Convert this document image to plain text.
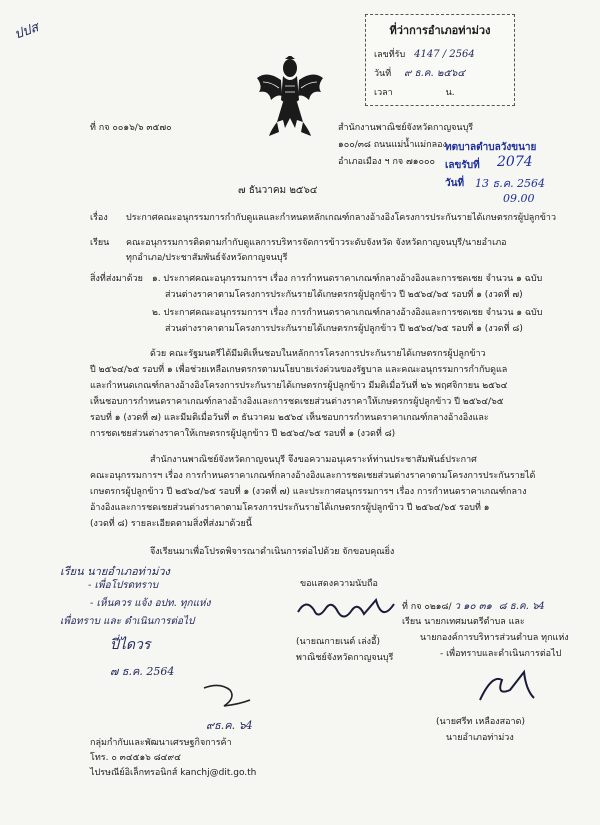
ปปส	ที่ว่าการอำเภอท่าม่วง
เลขที่รับ 4147 / 2564
วันที่ ๙ ธ.ค. ๒๕๖๔
เวลา	น.
ที่ กจ ๐๐๑๖/๖ ๓๕๗๐	สำนักงานพาณิชย์จังหวัดกาญจนบุรี
๑๐๐/๓๘ ถนนแม่น้ำแม่กลอง
อำเภอเมือง ฯ กจ ๗๑๐๐๐
ทตบาลตำบลวังขนาย
เลขรับที่ 2074
วันที่ 13 ธ.ค. 2564
09.00
๗ ธันวาคม ๒๕๖๔
เรื่อง ประกาศคณะอนุกรรมการกำกับดูแลและกำหนดหลักเกณฑ์กลางอ้างอิงโครงการประกันรายได้เกษตรกรผู้ปลูกข้าว
เรียน คณะอนุกรรมการติดตามกำกับดูแลการบริหารจัดการข้าวระดับจังหวัด จังหวัดกาญจนบุรี/นายอำเภอ
ทุกอำเภอ/ประชาสัมพันธ์จังหวัดกาญจนบุรี
สิ่งที่ส่งมาด้วย ๑. ประกาศคณะอนุกรรมการฯ เรื่อง การกำหนดราคาเกณฑ์กลางอ้างอิงและการชดเชย จำนวน ๑ ฉบับ
ส่วนต่างราคาตามโครงการประกันรายได้เกษตรกรผู้ปลูกข้าว ปี ๒๕๖๔/๖๕ รอบที่ ๑ (งวดที่ ๗)
๒. ประกาศคณะอนุกรรมการฯ เรื่อง การกำหนดราคาเกณฑ์กลางอ้างอิงและการชดเชย จำนวน ๑ ฉบับ
ส่วนต่างราคาตามโครงการประกันรายได้เกษตรกรผู้ปลูกข้าว ปี ๒๕๖๔/๖๕ รอบที่ ๑ (งวดที่ ๘)
ด้วย คณะรัฐมนตรีได้มีมติเห็นชอบในหลักการโครงการประกันรายได้เกษตรกรผู้ปลูกข้าว
ปี ๒๕๖๔/๖๕ รอบที่ ๑ เพื่อช่วยเหลือเกษตรกรตามนโยบายเร่งด่วนของรัฐบาล และคณะอนุกรรมการกำกับดูแล
และกำหนดเกณฑ์กลางอ้างอิงโครงการประกันรายได้เกษตรกรผู้ปลูกข้าว มีมติเมื่อวันที่ ๒๖ พฤศจิกายน ๒๕๖๔
เห็นชอบการกำหนดราคาเกณฑ์กลางอ้างอิงและการชดเชยส่วนต่างราคาให้เกษตรกรผู้ปลูกข้าว ปี ๒๕๖๔/๖๕
รอบที่ ๑ (งวดที่ ๗) และมีมติเมื่อวันที่ ๓ ธันวาคม ๒๕๖๔ เห็นชอบการกำหนดราคาเกณฑ์กลางอ้างอิงและ
การชดเชยส่วนต่างราคาให้เกษตรกรผู้ปลูกข้าว ปี ๒๕๖๔/๖๕ รอบที่ ๑ (งวดที่ ๘)
สำนักงานพาณิชย์จังหวัดกาญจนบุรี จึงขอความอนุเคราะห์ท่านประชาสัมพันธ์ประกาศ
คณะอนุกรรมการฯ เรื่อง การกำหนดราคาเกณฑ์กลางอ้างอิงและการชดเชยส่วนต่างราคาตามโครงการประกันรายได้
เกษตรกรผู้ปลูกข้าว ปี ๒๕๖๔/๖๕ รอบที่ ๑ (งวดที่ ๗) และประกาศอนุกรรมการฯ เรื่อง การกำหนดราคาเกณฑ์กลาง
อ้างอิงและการชดเชยส่วนต่างราคาตามโครงการประกันรายได้เกษตรกรผู้ปลูกข้าว ปี ๒๕๖๔/๖๕ รอบที่ ๑
(งวดที่ ๘) รายละเอียดตามสิ่งที่ส่งมาด้วยนี้
จึงเรียนมาเพื่อโปรดพิจารณาดำเนินการต่อไปด้วย จักขอบคุณยิ่ง
เรียน นายอำเภอท่าม่วง
- เพื่อโปรดทราบ
- เห็นควร แจ้ง อปท. ทุกแห่ง
เพื่อทราบ และ ดำเนินการต่อไป
ปี่ไดวร
๗ ธ.ค. 2564
๙ธ.ค. ๖4
ขอแสดงความนับถือ
(นายณกายเนต์ เล่งอี้)
พาณิชย์จังหวัดกาญจนบุรี
ที่ กจ ๐๒๑๘/ ว ๑๐ ๓๑ ๘ ธ.ค. ๖4
เรียน นายกเทศมนตรีตำบล และ
นายกองค์การบริหารส่วนตำบล ทุกแห่ง
- เพื่อทราบและดำเนินการต่อไป
(นายศรีท เหลืองสอาด)
นายอำเภอท่าม่วง
กลุ่มกำกับและพัฒนาเศรษฐกิจการค้า
โทร. ๐ ๓๔๕๑๖ ๘๔๙๔
ไปรษณีย์อิเล็กทรอนิกส์ kanchj@dit.go.th
